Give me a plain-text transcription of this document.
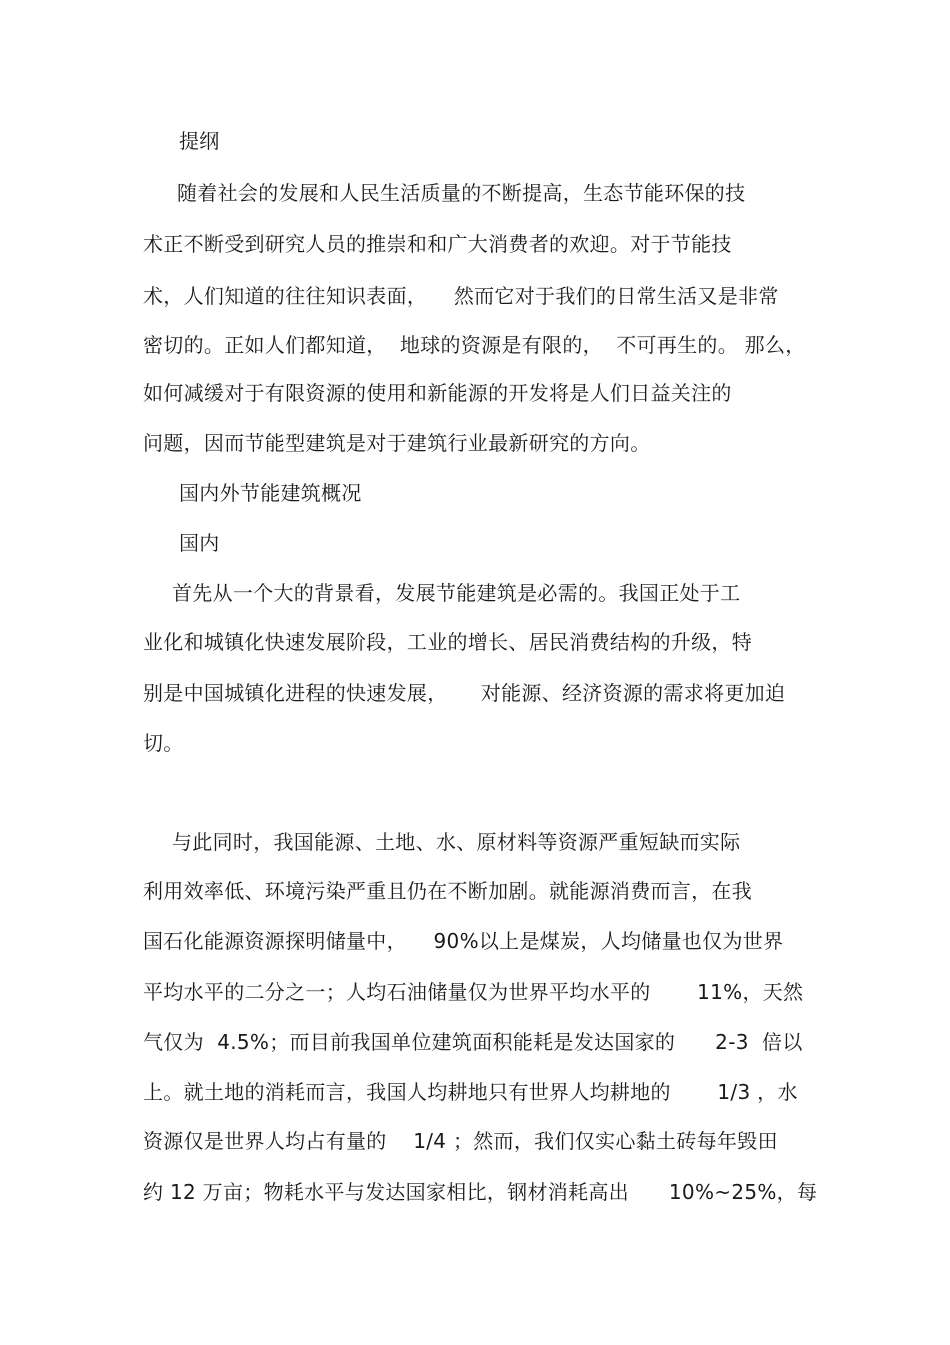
提纲
随着社会的发展和人民生活质量的不断提高，生态节能环保的技
术正不断受到研究人员的推崇和和广大消费者的欢迎。对于节能技
术，人们知道的往往知识表面，    然而它对于我们的日常生活又是非常
密切的。正如人们都知道，  地球的资源是有限的，  不可再生的。 那么，
如何减缓对于有限资源的使用和新能源的开发将是人们日益关注的
问题，因而节能型建筑是对于建筑行业最新研究的方向。
国内外节能建筑概况
国内
首先从一个大的背景看，发展节能建筑是必需的。我国正处于工
业化和城镇化快速发展阶段，工业的增长、居民消费结构的升级，特
别是中国城镇化进程的快速发展，     对能源、经济资源的需求将更加迫
切。
与此同时，我国能源、土地、水、原材料等资源严重短缺而实际
利用效率低、环境污染严重且仍在不断加剧。就能源消费而言，在我
国石化能源资源探明储量中，    90%以上是煤炭，人均储量也仅为世界
平均水平的二分之一；人均石油储量仅为世界平均水平的       11%，天然
气仅为  4.5%；而目前我国单位建筑面积能耗是发达国家的      2-3  倍以
上。就土地的消耗而言，我国人均耕地只有世界人均耕地的       1/3 ，水
资源仅是世界人均占有量的    1/4 ；然而，我们仅实心黏土砖每年毁田
约 12 万亩；物耗水平与发达国家相比，钢材消耗高出      10%~25%，每
